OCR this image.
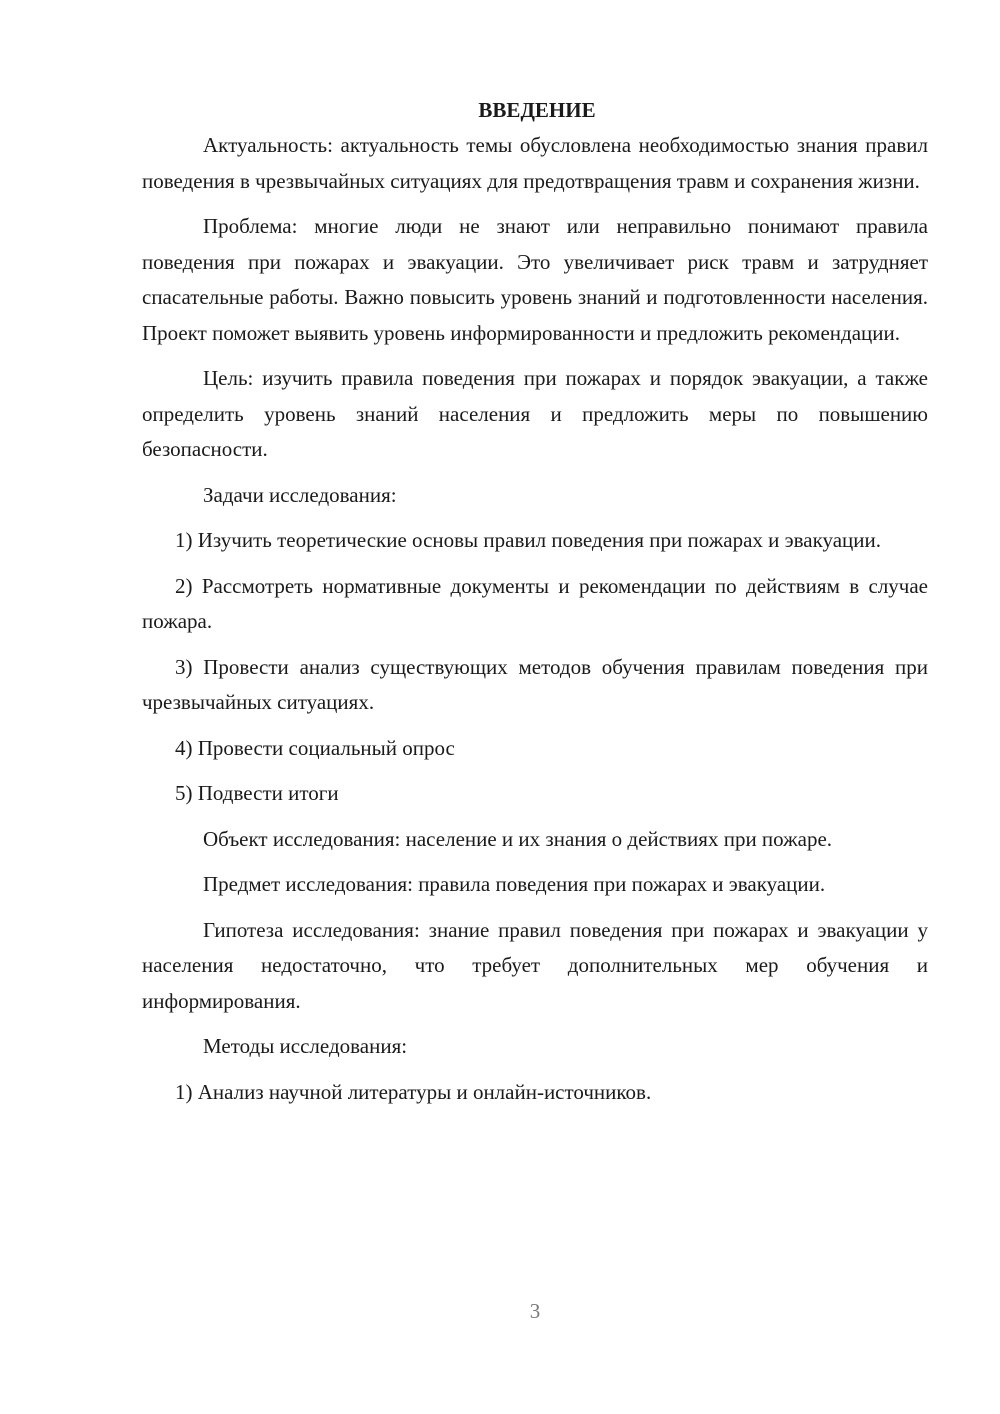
ВВЕДЕНИЕ

Актуальность: актуальность темы обусловлена необходимостью знания правил поведения в чрезвычайных ситуациях для предотвращения травм и сохранения жизни.

Проблема: многие люди не знают или неправильно понимают правила поведения при пожарах и эвакуации. Это увеличивает риск травм и затрудняет спасательные работы. Важно повысить уровень знаний и подготовленности населения. Проект поможет выявить уровень информированности и предложить рекомендации.

Цель: изучить правила поведения при пожарах и порядок эвакуации, а также определить уровень знаний населения и предложить меры по повышению безопасности.

Задачи исследования:

1) Изучить теоретические основы правил поведения при пожарах и эвакуации.

2) Рассмотреть нормативные документы и рекомендации по действиям в случае пожара.

3) Провести анализ существующих методов обучения правилам поведения при чрезвычайных ситуациях.

4) Провести социальный опрос

5) Подвести итоги

Объект исследования: население и их знания о действиях при пожаре.

Предмет исследования: правила поведения при пожарах и эвакуации.

Гипотеза исследования: знание правил поведения при пожарах и эвакуации у населения недостаточно, что требует дополнительных мер обучения и информирования.

Методы исследования:

1) Анализ научной литературы и онлайн-источников.

3
